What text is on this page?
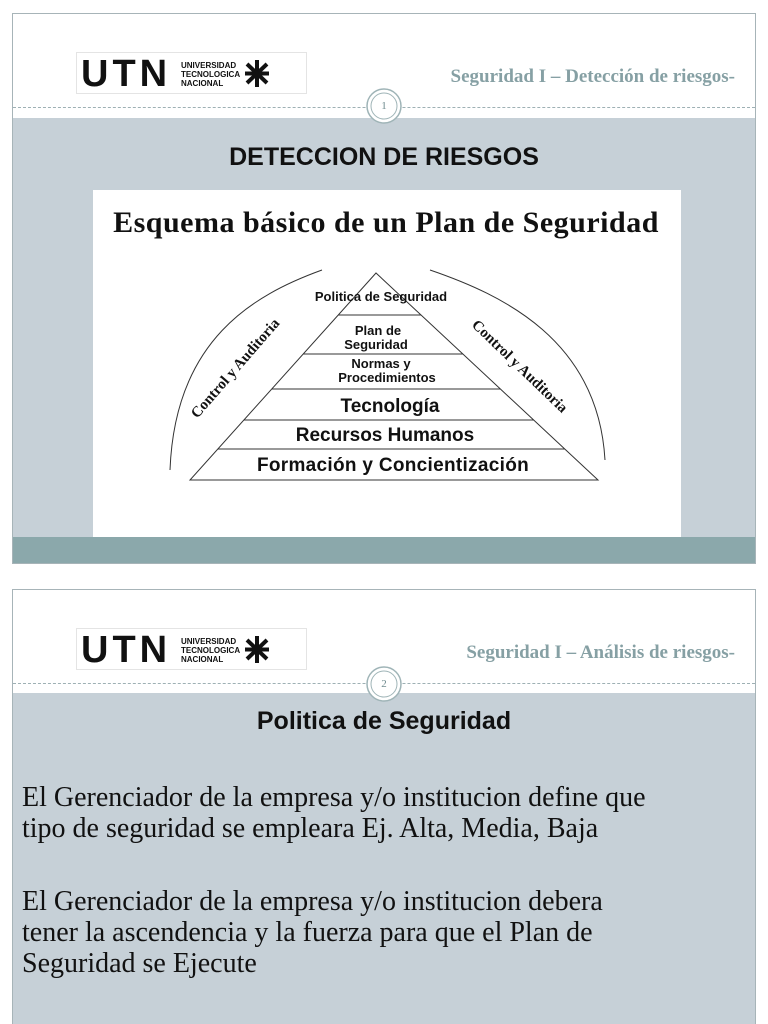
UTN UNIVERSIDAD
TECNOLOGICA
NACIONAL	Seguridad I – Detección de riesgos-
1
DETECCION DE RIESGOS
Esquema básico de un Plan de Seguridad
Politica de Seguridad
Plan de
Seguridad
Normas y
Procedimientos
Tecnología
Recursos Humanos
Formación y Concientización
Control y Auditoria	Control y Auditoria
UTN UNIVERSIDAD
TECNOLOGICA
NACIONAL	Seguridad I – Análisis de riesgos-
2
Politica de Seguridad
El Gerenciador de la empresa y/o institucion define que
tipo de seguridad se empleara Ej. Alta, Media, Baja
El Gerenciador de la empresa y/o institucion debera
tener la ascendencia y la fuerza para que el Plan de
Seguridad se Ejecute
